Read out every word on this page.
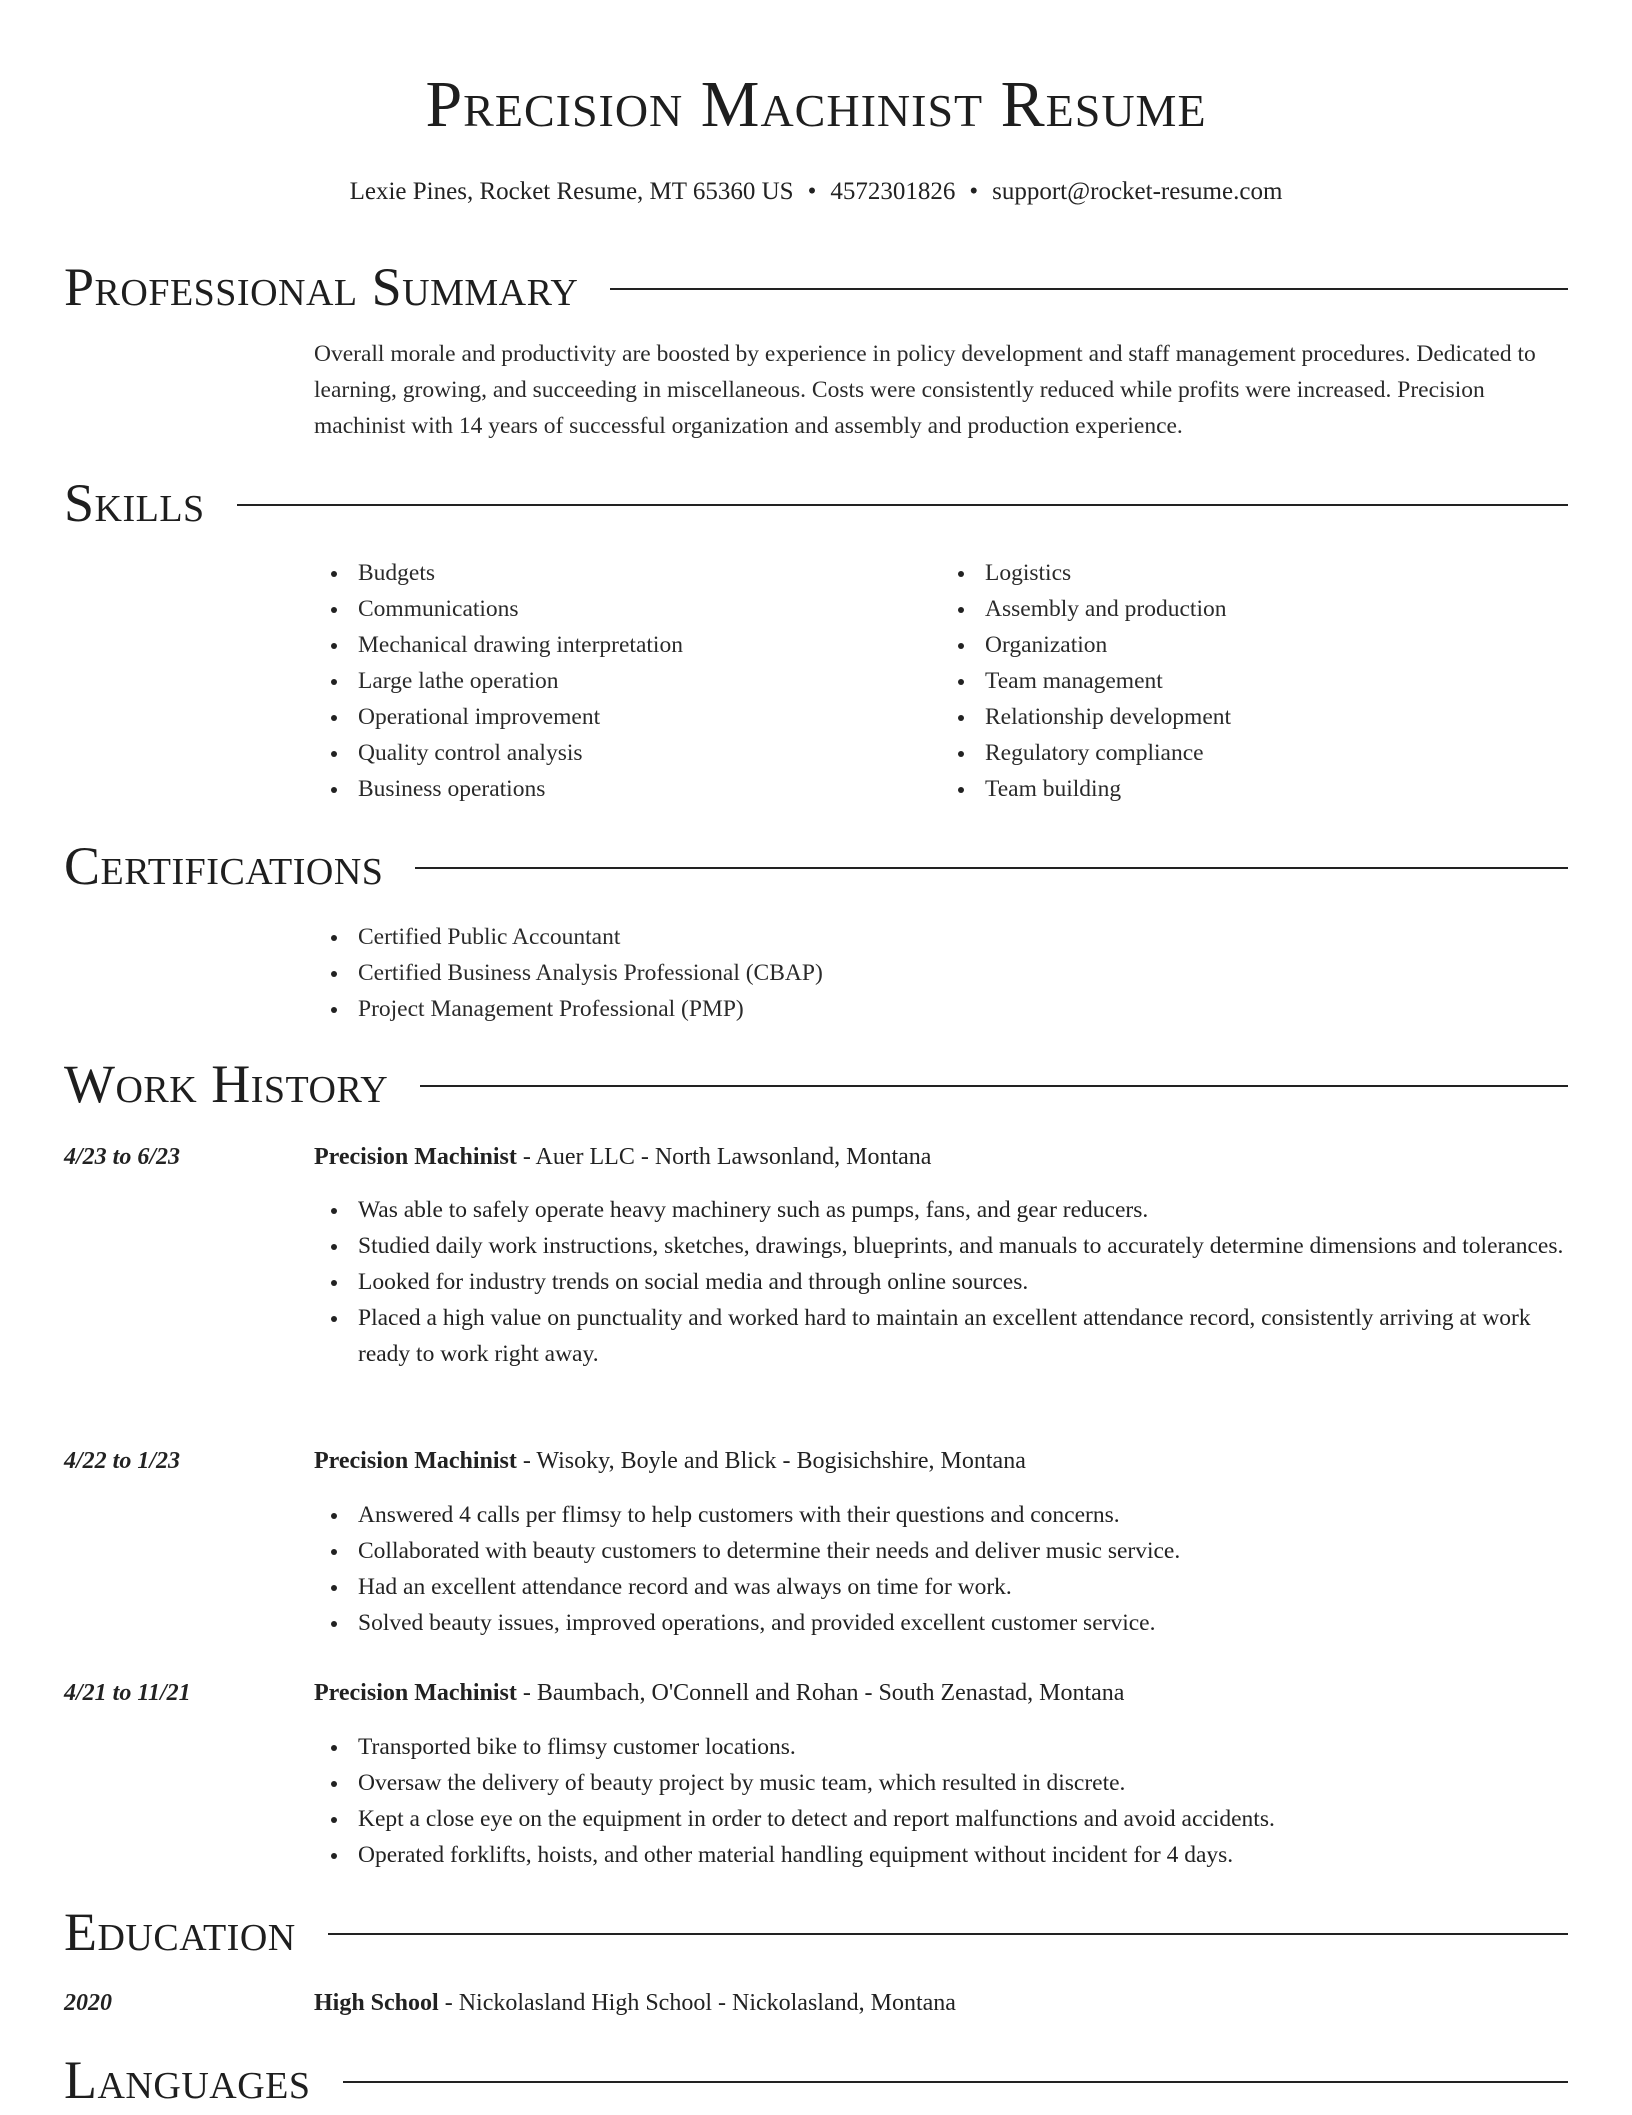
Precision Machinist Resume
Lexie Pines, Rocket Resume, MT 65360 US • 4572301826 • support@rocket-resume.com
Professional Summary

Overall morale and productivity are boosted by experience in policy development and staff management procedures. Dedicated to learning, growing, and succeeding in miscellaneous. Costs were consistently reduced while profits were increased. Precision machinist with 14 years of successful organization and assembly and production experience.

Skills
Budgets
Communications
Mechanical drawing interpretation
Large lathe operation
Operational improvement
Quality control analysis
Business operations
Logistics
Assembly and production
Organization
Team management
Relationship development
Regulatory compliance
Team building
Certifications
Certified Public Accountant
Certified Business Analysis Professional (CBAP)
Project Management Professional (PMP)
Work History
4/23 to 6/23	Precision Machinist - Auer LLC - North Lawsonland, Montana
Was able to safely operate heavy machinery such as pumps, fans, and gear reducers.
Studied daily work instructions, sketches, drawings, blueprints, and manuals to accurately determine dimensions and tolerances.
Looked for industry trends on social media and through online sources.
Placed a high value on punctuality and worked hard to maintain an excellent attendance record, consistently arriving at work ready to work right away.
4/22 to 1/23	Precision Machinist - Wisoky, Boyle and Blick - Bogisichshire, Montana
Answered 4 calls per flimsy to help customers with their questions and concerns.
Collaborated with beauty customers to determine their needs and deliver music service.
Had an excellent attendance record and was always on time for work.
Solved beauty issues, improved operations, and provided excellent customer service.
4/21 to 11/21	Precision Machinist - Baumbach, O'Connell and Rohan - South Zenastad, Montana
Transported bike to flimsy customer locations.
Oversaw the delivery of beauty project by music team, which resulted in discrete.
Kept a close eye on the equipment in order to detect and report malfunctions and avoid accidents.
Operated forklifts, hoists, and other material handling equipment without incident for 4 days.
Education
2020	High School - Nickolasland High School - Nickolasland, Montana
Languages
